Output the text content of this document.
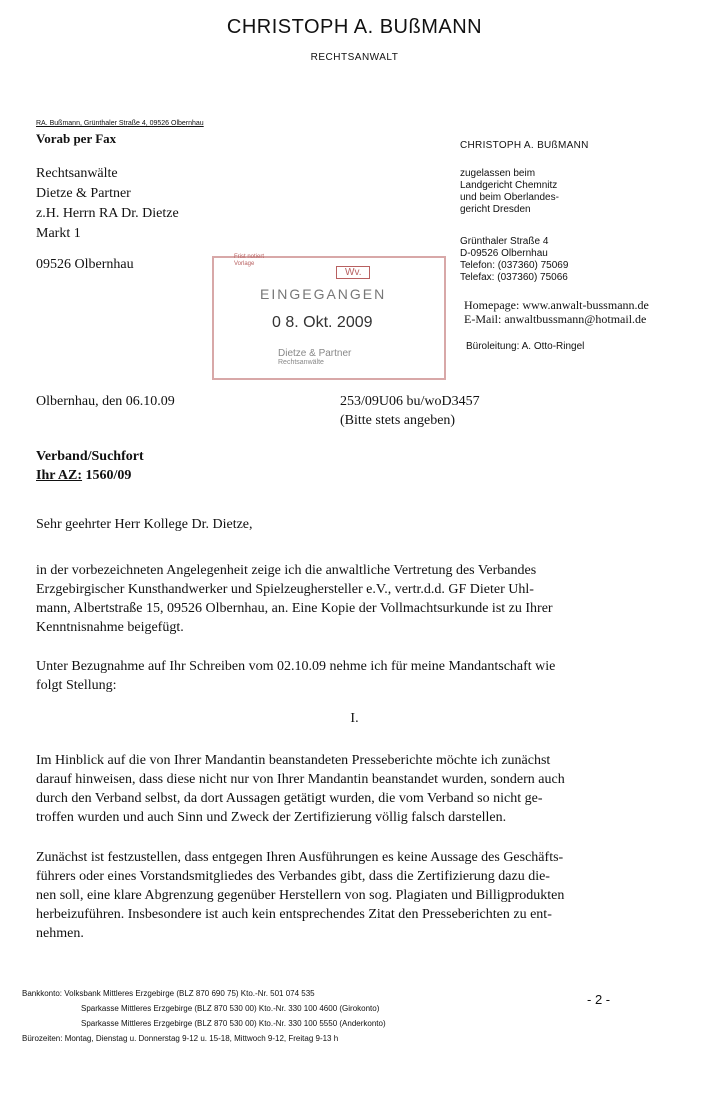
CHRISTOPH A. BUßMANN
RECHTSANWALT
RA. Bußmann, Grünthaler Straße 4, 09526 Olbernhau
Vorab per Fax
Rechtsanwälte
Dietze & Partner
z.H. Herrn RA Dr. Dietze
Markt 1
09526 Olbernhau
CHRISTOPH A. BUßMANN
zugelassen beim
Landgericht Chemnitz
und beim Oberlandes-
gericht Dresden
Grünthaler Straße 4
D-09526 Olbernhau
Telefon: (037360) 75069
Telefax: (037360) 75066
Homepage: www.anwalt-bussmann.de
E-Mail: anwaltbussmann@hotmail.de
Büroleitung: A. Otto-Ringel
Frist notiert
Vorlage
Wv.
EINGEGANGEN
0 8. Okt. 2009
Dietze & Partner
Rechtsanwälte
Olbernhau, den 06.10.09	253/09U06 bu/woD3457
(Bitte stets angeben)
Verband/Suchfort
Ihr AZ: 1560/09
Sehr geehrter Herr Kollege Dr. Dietze,
in der vorbezeichneten Angelegenheit zeige ich die anwaltliche Vertretung des Verbandes
Erzgebirgischer Kunsthandwerker und Spielzeughersteller e.V., vertr.d.d. GF Dieter Uhl-
mann, Albertstraße 15, 09526 Olbernhau, an. Eine Kopie der Vollmachtsurkunde ist zu Ihrer
Kenntnisnahme beigefügt.
Unter Bezugnahme auf Ihr Schreiben vom 02.10.09 nehme ich für meine Mandantschaft wie
folgt Stellung:
I.
Im Hinblick auf die von Ihrer Mandantin beanstandeten Presseberichte möchte ich zunächst
darauf hinweisen, dass diese nicht nur von Ihrer Mandantin beanstandet wurden, sondern auch
durch den Verband selbst, da dort Aussagen getätigt wurden, die vom Verband so nicht ge-
troffen wurden und auch Sinn und Zweck der Zertifizierung völlig falsch darstellen.
Zunächst ist festzustellen, dass entgegen Ihren Ausführungen es keine Aussage des Geschäfts-
führers oder eines Vorstandsmitgliedes des Verbandes gibt, dass die Zertifizierung dazu die-
nen soll, eine klare Abgrenzung gegenüber Herstellern von sog. Plagiaten und Billigprodukten
herbeizuführen. Insbesondere ist auch kein entsprechendes Zitat den Presseberichten zu ent-
nehmen.
Bankkonto: Volksbank Mittleres Erzgebirge (BLZ 870 690 75) Kto.-Nr. 501 074 535
Sparkasse Mittleres Erzgebirge (BLZ 870 530 00) Kto.-Nr. 330 100 4600 (Girokonto)
Sparkasse Mittleres Erzgebirge (BLZ 870 530 00) Kto.-Nr. 330 100 5550 (Anderkonto)
Bürozeiten: Montag, Dienstag u. Donnerstag 9-12 u. 15-18, Mittwoch 9-12, Freitag 9-13 h
- 2 -
